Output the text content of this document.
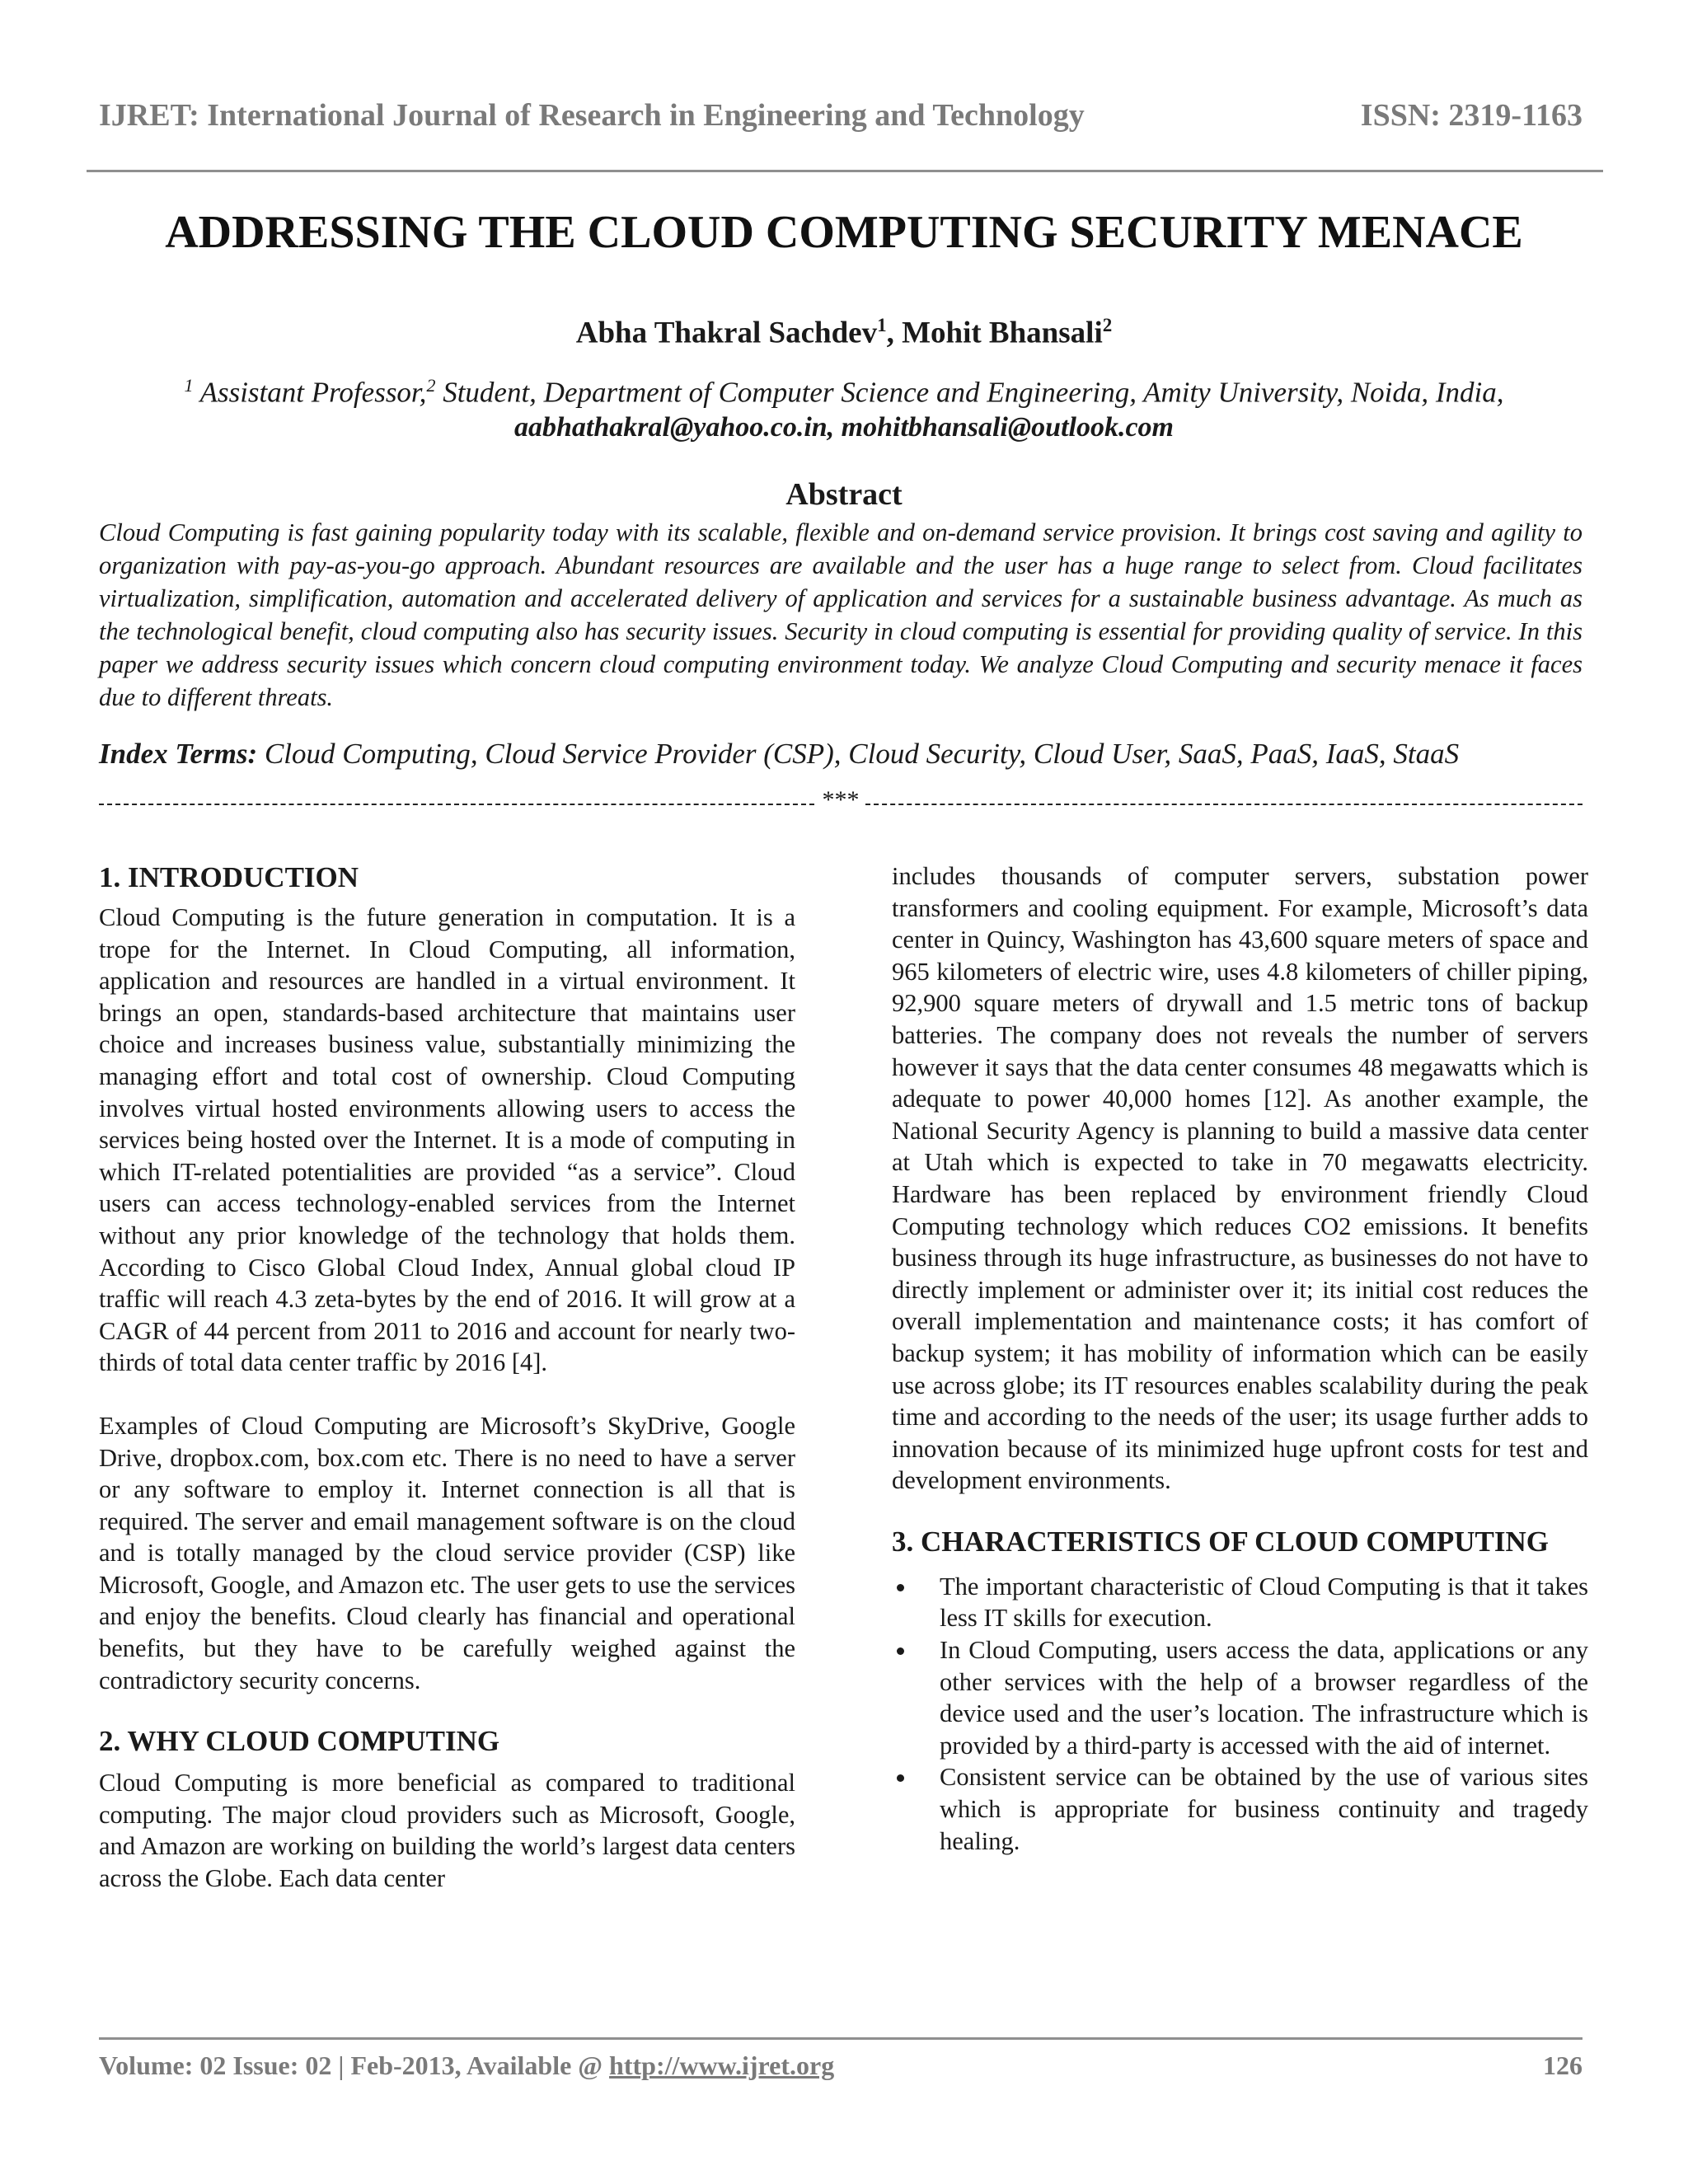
IJRET: International Journal of Research in Engineering and Technology	ISSN: 2319-1163
ADDRESSING THE CLOUD COMPUTING SECURITY MENACE
Abha Thakral Sachdev$^1$, Mohit Bhansali$^2$
$^1$ Assistant Professor,$^2$ Student, Department of Computer Science and Engineering, Amity University, Noida, India,
aabhathakral@yahoo.co.in, mohitbhansali@outlook.com
Abstract
Cloud Computing is fast gaining popularity today with its scalable, flexible and on-demand service provision. It brings cost saving and agility to organization with pay-as-you-go approach. Abundant resources are available and the user has a huge range to select from. Cloud facilitates virtualization, simplification, automation and accelerated delivery of application and services for a sustainable business advantage. As much as the technological benefit, cloud computing also has security issues. Security in cloud computing is essential for providing quality of service. In this paper we address security issues which concern cloud computing environment today. We analyze Cloud Computing and security menace it faces due to different threats.
Index Terms: Cloud Computing, Cloud Service Provider (CSP), Cloud Security, Cloud User, SaaS, PaaS, IaaS, StaaS
***
1. INTRODUCTION

Cloud Computing is the future generation in computation. It is a trope for the Internet. In Cloud Computing, all information, application and resources are handled in a virtual environment. It brings an open, standards-based architecture that maintains user choice and increases business value, substantially minimizing the managing effort and total cost of ownership. Cloud Computing involves virtual hosted environments allowing users to access the services being hosted over the Internet. It is a mode of computing in which IT-related potentialities are provided “as a service”. Cloud users can access technology-enabled services from the Internet without any prior knowledge of the technology that holds them. According to Cisco Global Cloud Index, Annual global cloud IP traffic will reach 4.3 zeta-bytes by the end of 2016. It will grow at a CAGR of 44 percent from 2011 to 2016 and account for nearly two-thirds of total data center traffic by 2016 [4].

Examples of Cloud Computing are Microsoft’s SkyDrive, Google Drive, dropbox.com, box.com etc. There is no need to have a server or any software to employ it. Internet connection is all that is required. The server and email management software is on the cloud and is totally managed by the cloud service provider (CSP) like Microsoft, Google, and Amazon etc. The user gets to use the services and enjoy the benefits. Cloud clearly has financial and operational benefits, but they have to be carefully weighed against the contradictory security concerns.

2. WHY CLOUD COMPUTING

Cloud Computing is more beneficial as compared to traditional computing. The major cloud providers such as Microsoft, Google, and Amazon are working on building the world’s largest data centers across the Globe. Each data center

includes thousands of computer servers, substation power transformers and cooling equipment. For example, Microsoft’s data center in Quincy, Washington has 43,600 square meters of space and 965 kilometers of electric wire, uses 4.8 kilometers of chiller piping, 92,900 square meters of drywall and 1.5 metric tons of backup batteries. The company does not reveals the number of servers however it says that the data center consumes 48 megawatts which is adequate to power 40,000 homes [12]. As another example, the National Security Agency is planning to build a massive data center at Utah which is expected to take in 70 megawatts electricity. Hardware has been replaced by environment friendly Cloud Computing technology which reduces CO2 emissions. It benefits business through its huge infrastructure, as businesses do not have to directly implement or administer over it; its initial cost reduces the overall implementation and maintenance costs; it has comfort of backup system; it has mobility of information which can be easily use across globe; its IT resources enables scalability during the peak time and according to the needs of the user; its usage further adds to innovation because of its minimized huge upfront costs for test and development environments.

3. CHARACTERISTICS OF CLOUD COMPUTING
The important characteristic of Cloud Computing is that it takes less IT skills for execution.
In Cloud Computing, users access the data, applications or any other services with the help of a browser regardless of the device used and the user’s location. The infrastructure which is provided by a third-party is accessed with the aid of internet.
Consistent service can be obtained by the use of various sites which is appropriate for business continuity and tragedy healing.
Volume: 02 Issue: 02 | Feb-2013, Available @ http://www.ijret.org	126
